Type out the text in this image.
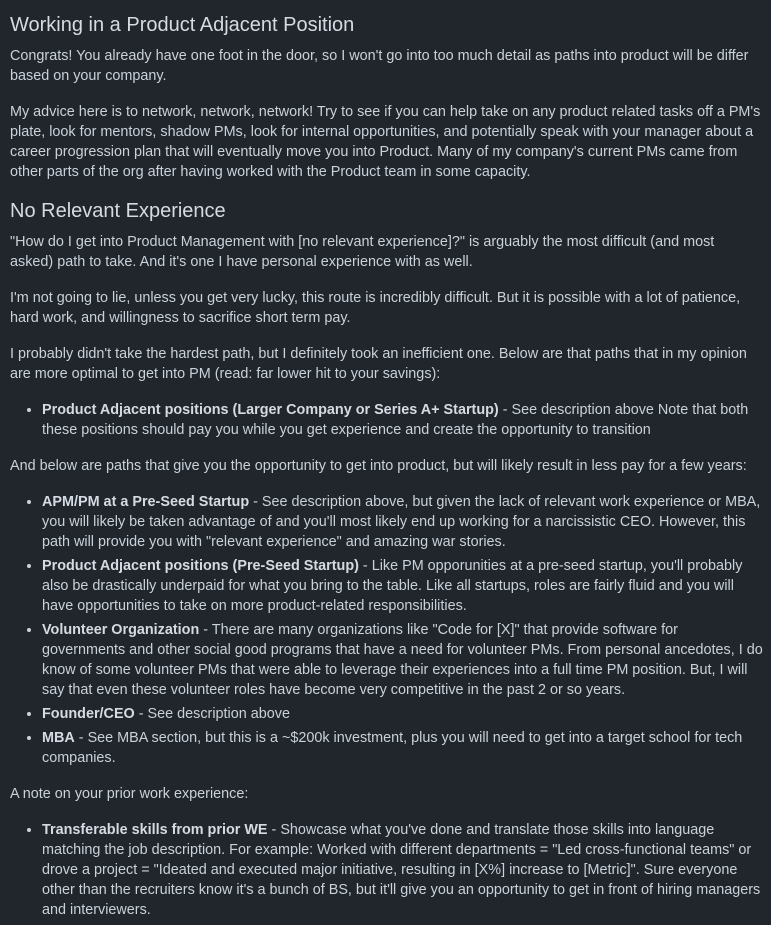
Working in a Product Adjacent Position

Congrats! You already have one foot in the door, so I won't go into too much detail as paths into product will be differ based on your company.

My advice here is to network, network, network! Try to see if you can help take on any product related tasks off a PM's plate, look for mentors, shadow PMs, look for internal opportunities, and potentially speak with your manager about a career progression plan that will eventually move you into Product. Many of my company's current PMs came from other parts of the org after having worked with the Product team in some capacity.

No Relevant Experience

"How do I get into Product Management with [no relevant experience]?" is arguably the most difficult (and most asked) path to take. And it's one I have personal experience with as well.

I'm not going to lie, unless you get very lucky, this route is incredibly difficult. But it is possible with a lot of patience, hard work, and willingness to sacrifice short term pay.

I probably didn't take the hardest path, but I definitely took an inefficient one. Below are that paths that in my opinion are more optimal to get into PM (read: far lower hit to your savings):

• Product Adjacent positions (Larger Company or Series A+ Startup) - See description above Note that both these positions should pay you while you get experience and create the opportunity to transition

And below are paths that give you the opportunity to get into product, but will likely result in less pay for a few years:

• APM/PM at a Pre-Seed Startup - See description above, but given the lack of relevant work experience or MBA, you will likely be taken advantage of and you'll most likely end up working for a narcissistic CEO. However, this path will provide you with "relevant experience" and amazing war stories.
• Product Adjacent positions (Pre-Seed Startup) - Like PM opporunities at a pre-seed startup, you'll probably also be drastically underpaid for what you bring to the table. Like all startups, roles are fairly fluid and you will have opportunities to take on more product-related responsibilities.
• Volunteer Organization - There are many organizations like "Code for [X]" that provide software for governments and other social good programs that have a need for volunteer PMs. From personal ancedotes, I do know of some volunteer PMs that were able to leverage their experiences into a full time PM position. But, I will say that even these volunteer roles have become very competitive in the past 2 or so years.
• Founder/CEO - See description above
• MBA - See MBA section, but this is a ~$200k investment, plus you will need to get into a target school for tech companies.

A note on your prior work experience:

• Transferable skills from prior WE - Showcase what you've done and translate those skills into language matching the job description. For example: Worked with different departments = "Led cross-functional teams" or drove a project = "Ideated and executed major initiative, resulting in [X%] increase to [Metric]". Sure everyone other than the recruiters know it's a bunch of BS, but it'll give you an opportunity to get in front of hiring managers and interviewers.
